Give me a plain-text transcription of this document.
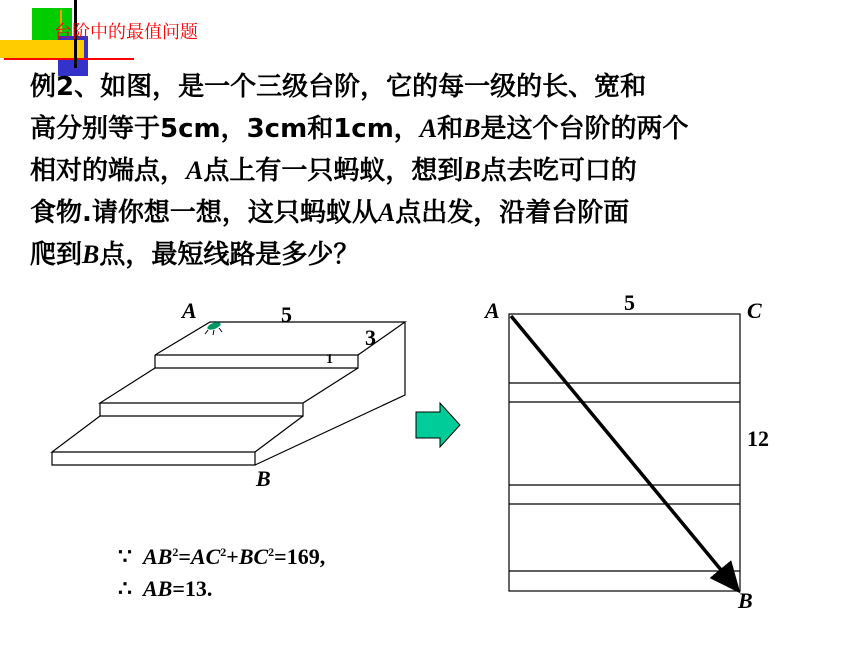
台阶中的最值问题
例2、如图，是一个三级台阶，它的每一级的长、宽和
高分别等于5cm，3cm和1cm，A和B是这个台阶的两个
相对的端点，A点上有一只蚂蚁，想到B点去吃可口的
食物.请你想一想，这只蚂蚁从A点出发，沿着台阶面
爬到B点，最短线路是多少？
A	5
3
1
B
A	5	C
12
B
∵ $AB^2=AC^2+BC^2=169$,
∴ AB=13.
